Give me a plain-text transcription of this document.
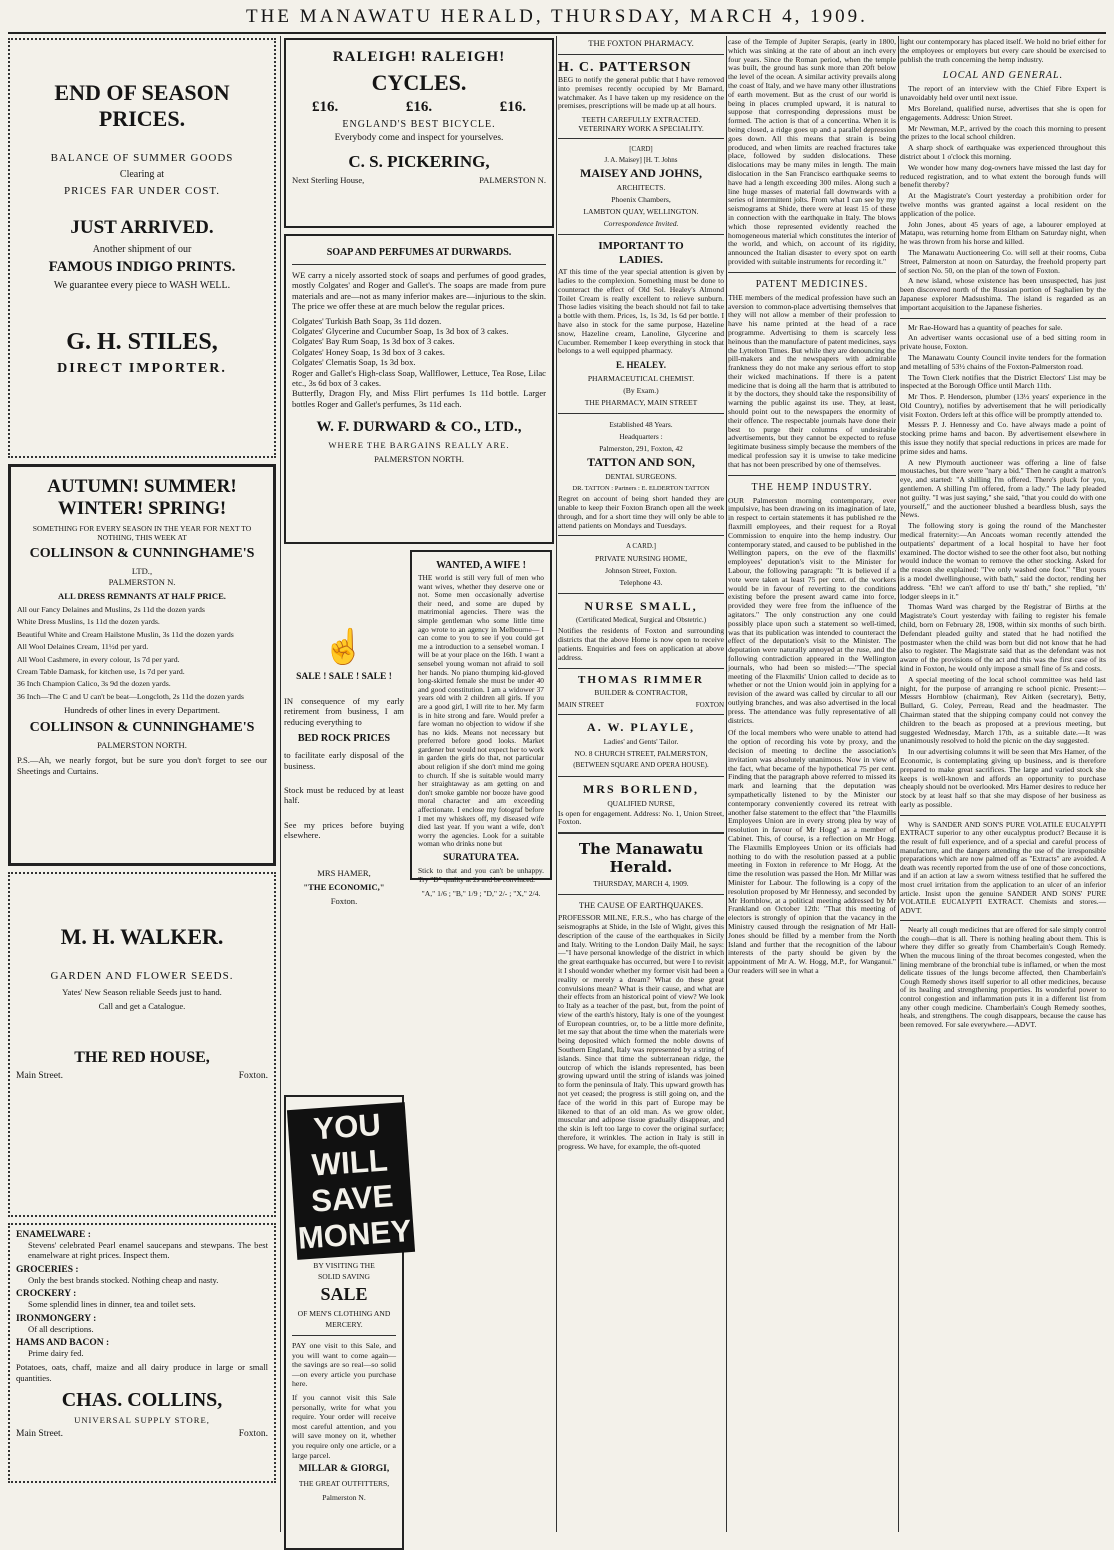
THE MANAWATU HERALD, THURSDAY, MARCH 4, 1909.
END OF SEASON PRICES.
BALANCE OF SUMMER GOODS
Clearing at
PRICES FAR UNDER COST.
JUST ARRIVED.
Another shipment of our
FAMOUS INDIGO PRINTS.
We guarantee every piece to WASH WELL.
G. H. STILES,
DIRECT IMPORTER.
AUTUMN! SUMMER!
WINTER! SPRING!
SOMETHING FOR EVERY SEASON IN THE YEAR FOR NEXT TO NOTHING, THIS WEEK AT
COLLINSON & CUNNINGHAME'S
LTD.,
PALMERSTON N.
ALL DRESS REMNANTS AT HALF PRICE.
All our Fancy Delaines and Muslins, 2s 11d the dozen yards
White Dress Muslins, 1s 11d the dozen yards.
Beautiful White and Cream Hailstone Muslin, 3s 11d the dozen yards
All Wool Delaines Cream, 11½d per yard.
All Wool Cashmere, in every colour, 1s 7d per yard.
Cream Table Damask, for kitchen use, 1s 7d per yard.
36 Inch Champion Calico, 3s 9d the dozen yards.
36 Inch—The C and U can't be beat—Longcloth, 2s 11d the dozen yards
Hundreds of other lines in every Department.
COLLINSON & CUNNINGHAME'S
PALMERSTON NORTH.
P.S.—Ah, we nearly forgot, but be sure you don't forget to see our Sheetings and Curtains.
M. H. WALKER.
GARDEN AND FLOWER SEEDS.
Yates' New Season reliable Seeds just to hand.
Call and get a Catalogue.
THE RED HOUSE,
Main Street.	Foxton.
ENAMELWARE :
Stevens' celebrated Pearl enamel saucepans and stewpans. The best enamelware at right prices. Inspect them.
GROCERIES :
Only the best brands stocked. Nothing cheap and nasty.
CROCKERY :
Some splendid lines in dinner, tea and toilet sets.
IRONMONGERY :
Of all descriptions.
HAMS AND BACON :
Prime dairy fed.
Potatoes, oats, chaff, maize and all dairy produce in large or small quantities.
CHAS. COLLINS,
UNIVERSAL SUPPLY STORE,
Main Street.	Foxton.
RALEIGH! RALEIGH!
CYCLES.
£16.	£16.	£16.
ENGLAND'S BEST BICYCLE.
Everybody come and inspect for yourselves.
C. S. PICKERING,
Next Sterling House,	PALMERSTON N.
SOAP AND PERFUMES AT DURWARDS.
WE carry a nicely assorted stock of soaps and perfumes of good grades, mostly Colgates' and Roger and Gallet's. The soaps are made from pure materials and are—not as many inferior makes are—injurious to the skin. The price we offer these at are much below the regular prices.
Colgates' Turkish Bath Soap, 3s 11d dozen.
Colgates' Glycerine and Cucumber Soap, 1s 3d box of 3 cakes.
Colgates' Bay Rum Soap, 1s 3d box of 3 cakes.
Colgates' Honey Soap, 1s 3d box of 3 cakes.
Colgates' Clematis Soap, 1s 3d box.
Roger and Gallet's High-class Soap, Wallflower, Lettuce, Tea Rose, Lilac etc., 3s 6d box of 3 cakes.
Butterfly, Dragon Fly, and Miss Flirt perfumes 1s 11d bottle. Larger bottles Roger and Gallet's perfumes, 3s 11d each.
W. F. DURWARD & CO., LTD.,
WHERE THE BARGAINS REALLY ARE.
PALMERSTON NORTH.
☝
SALE ! SALE ! SALE !
IN consequence of my early retirement from business, I am reducing everything to
BED ROCK PRICES
to facilitate early disposal of the business.
Stock must be reduced by at least half.
See my prices before buying elsewhere.
MRS HAMER,
"THE ECONOMIC,"
Foxton.
WANTED, A WIFE !
THE world is still very full of men who want wives, whether they deserve one or not. Some men occasionally advertise their need, and some are duped by matrimonial agencies. There was the simple gentleman who some little time ago wrote to an agency in Melbourne— I can come to you to see if you could get me a introduction to a sensebel woman. I will be at your place on the 16th. I want a sensebel young woman not afraid to soil her hands. No piano thumping kid-gloved long-skirted female she must be under 40 and good constitution. I am a widower 37 years old with 2 children all girls. If you are a good girl, I will rite to her. My farm is in hite strong and fare. Would prefer a fare woman no objection to widow if she has no kids. Means not necessary but preferred before good looks. Market gardener but would not expect her to work in garden the girls do that, not particular about religion if she don't mind me going to church. If she is suitable would marry her straightaway as am getting on and don't smoke gamble nor booze have good moral character and am exceeding affectionate. I enclose my fotograf before I met my whiskers off, my diseased wife died last year. If you want a wife, don't worry the agencies. Look for a suitable woman who drinks none but
SURATURA TEA.
Stick to that and you can't be unhappy. Try "D" quality at 2s and be convinced.
"A," 1/6 ; "B," 1/9 ; "D," 2/- ; "X," 2/4.
YOU WILL SAVE MONEY
BY VISITING THE
SOLID SAVING
SALE
OF MEN'S CLOTHING AND MERCERY.
PAY one visit to this Sale, and you will want to come again—the savings are so real—so solid—on every article you purchase here.
If you cannot visit this Sale personally, write for what you require. Your order will receive most careful attention, and you will save money on it, whether you require only one article, or a large parcel.
MILLAR & GIORGI,
THE GREAT OUTFITTERS,
Palmerston N.
THE FOXTON PHARMACY.
H. C. PATTERSON
BEG to notify the general public that I have removed into premises recently occupied by Mr Barnard, watchmaker. As I have taken up my residence on the premises, prescriptions will be made up at all hours.
TEETH CAREFULLY EXTRACTED. VETERINARY WORK A SPECIALITY.
[CARD]
J. A. Maisey] [H. T. Johns
MAISEY AND JOHNS,
ARCHITECTS.
Phoenix Chambers,
LAMBTON QUAY, WELLINGTON.
Correspondence Invited.
IMPORTANT TO
LADIES.
AT this time of the year special attention is given by ladies to the complexion. Something must be done to counteract the effect of Old Sol. Healey's Almond Toilet Cream is really excellent to relieve sunburn. Those ladies visiting the beach should not fail to take a bottle with them. Prices, 1s, 1s 3d, 1s 6d per bottle. I have also in stock for the same purpose, Hazeline snow, Hazeline cream, Lanoline, Glycerine and Cucumber. Remember I keep everything in stock that belongs to a well equipped pharmacy.
E. HEALEY.
PHARMACEUTICAL CHEMIST.
(By Exam.)
THE PHARMACY, MAIN STREET
Established 48 Years.
Headquarters :
Palmerston, 291, Foxton, 42
TATTON AND SON,
DENTAL SURGEONS.
DR. TATTON : Partners : E. ELDERTON TATTON
Regret on account of being short handed they are unable to keep their Foxton Branch open all the week through, and for a short time they will only be able to attend patients on Mondays and Tuesdays.
A CARD.]
PRIVATE NURSING HOME,
Johnson Street, Foxton.
Telephone 43.
NURSE SMALL,
(Certificated Medical, Surgical and Obstetric.)
Notifies the residents of Foxton and surrounding districts that the above Home is now open to receive patients. Enquiries and fees on application at above address.
THOMAS RIMMER
BUILDER & CONTRACTOR,
MAIN STREET	FOXTON
A. W. PLAYLE,
Ladies' and Gents' Tailor.
NO. 8 CHURCH STREET, PALMERSTON,
(BETWEEN SQUARE AND OPERA HOUSE).
MRS BORLEND,
QUALIFIED NURSE,
Is open for engagement. Address: No. 1, Union Street, Foxton.
The Manawatu Herald.
THURSDAY, MARCH 4, 1909.
THE CAUSE OF EARTHQUAKES.
PROFESSOR MILNE, F.R.S., who has charge of the seismographs at Shide, in the Isle of Wight, gives this description of the cause of the earthquakes in Sicily and Italy. Writing to the London Daily Mail, he says:—"I have personal knowledge of the district in which the great earthquake has occurred, but were I to revisit it I should wonder whether my former visit had been a reality or merely a dream? What do these great convulsions mean? What is their cause, and what are their effects from an historical point of view? We look to Italy as a teacher of the past, but, from the point of view of the earth's history, Italy is one of the youngest of European countries, or, to be a little more definite, let me say that about the time when the materials were being deposited which formed the noble downs of Southern England, Italy was represented by a string of islands. Since that time the subterranean ridge, the outcrop of which the islands represented, has been growing upward until the string of islands was joined to form the peninsula of Italy. This upward growth has not yet ceased; the progress is still going on, and the face of the world in this part of Europe may be likened to that of an old man. As we grow older, muscular and adipose tissue gradually disappear, and the skin is left too large to cover the original surface; therefore, it wrinkles. The action in Italy is still in progress. We have, for example, the oft-quoted
case of the Temple of Jupiter Serapis, (early in 1800, which was sinking at the rate of about an inch every four years. Since the Roman period, when the temple was built, the ground has sunk more than 20ft below the level of the ocean. A similar activity prevails along the coast of Italy, and we have many other illustrations of earth movement. But as the crust of our world is being in places crumpled upward, it is natural to suppose that corresponding depressions must be formed. The action is that of a concertina. When it is being closed, a ridge goes up and a parallel depression goes down. All this means that strain is being produced, and when limits are reached fractures take place, followed by sudden dislocations. These dislocations may be many miles in length. The main dislocation in the San Francisco earthquake seems to have had a length exceeding 300 miles. Along such a line huge masses of material fall downwards with a series of intermittent jolts. From what I can see by my seismograms at Shide, there were at least 15 of these in connection with the earthquake in Italy. The blows which those represented evidently reached the homogeneous material which constitutes the interior of the world, and which, on account of its rigidity, announced the Italian disaster to every spot on earth provided with suitable instruments for recording it."
PATENT MEDICINES.
THE members of the medical profession have such an aversion to common-place advertising themselves that they will not allow a member of their profession to have his name printed at the head of a race programme. Advertising to them is scarcely less heinous than the manufacture of patent medicines, says the Lyttelton Times. But while they are denouncing the pill-makers and the newspapers with admirable frankness they do not make any serious effort to stop their wicked machinations. If there is a patent medicine that is doing all the harm that is attributed to it by the doctors, they should take the responsibility of warning the public against its use. They, at least, should point out to the newspapers the enormity of their offence. The respectable journals have done their best to purge their columns of undesirable advertisements, but they cannot be expected to refuse legitimate business simply because the members of the medical profession say it is unwise to take medicine that has not been prescribed by one of themselves.
THE HEMP INDUSTRY.
OUR Palmerston morning contemporary, ever impulsive, has been drawing on its imagination of late, in respect to certain statements it has published re the flaxmill employees, and their request for a Royal Commission to enquire into the hemp industry. Our contemporary stated, and caused to be published in the Wellington papers, on the eve of the flaxmills' employees' deputation's visit to the Minister for Labour, the following paragraph: "It is believed if a vote were taken at least 75 per cent. of the workers would be in favour of reverting to the conditions existing before the present award came into force, provided they were free from the influence of the agitators." The only construction any one could possibly place upon such a statement so well-timed, was that its publication was intended to counteract the effect of the deputation's visit to the Minister. The deputation were naturally annoyed at the ruse, and the following contradiction appeared in the Wellington journals, who had been so misled:—"The special meeting of the Flaxmills' Union called to decide as to whether or not the Union would join in applying for a revision of the award was called by circular to all our outlying branches, and was also advertised in the local press. The attendance was fully representative of all districts.
Of the local members who were unable to attend had the option of recording his vote by proxy, and the decision of meeting to decline the association's invitation was absolutely unanimous. Now in view of the fact, what became of the hypothetical 75 per cent. Finding that the paragraph above referred to missed its mark and learning that the deputation was sympathetically listened to by the Minister our contemporary conveniently covered its retreat with another false statement to the effect that "the Flaxmills Employees Union are in every strong plea by way of resolution in favour of Mr Hogg" as a member of Cabinet. This, of course, is a reflection on Mr Hogg. The Flaxmills Employees Union or its officials had nothing to do with the resolution passed at a public meeting in Foxton in reference to Mr Hogg. At the time the resolution was passed the Hon. Mr Millar was Minister for Labour. The following is a copy of the resolution proposed by Mr Hennessy, and seconded by Mr Hornblow, at a political meeting addressed by Mr Frankland on October 12th: "That this meeting of electors is strongly of opinion that the vacancy in the Ministry caused through the resignation of Mr Hall-Jones should be filled by a member from the North Island and further that the recognition of the labour interests of the party should be given by the appointment of Mr A. W. Hogg, M.P., for Wanganui." Our readers will see in what a
light our contemporary has placed itself. We hold no brief either for the employees or employers but every care should be exercised to publish the truth concerning the hemp industry.
LOCAL AND GENERAL.
The report of an interview with the Chief Fibre Expert is unavoidably held over until next issue.
Mrs Boreland, qualified nurse, advertises that she is open for engagements. Address: Union Street.
Mr Newman, M.P., arrived by the coach this morning to present the prizes to the local school children.
A sharp shock of earthquake was experienced throughout this district about 1 o'clock this morning.
We wonder how many dog-owners have missed the last day for reduced registration, and to what extent the borough funds will benefit thereby?
At the Magistrate's Court yesterday a prohibition order for twelve months was granted against a local resident on the application of the police.
John Jones, about 45 years of age, a labourer employed at Matapu, was returning home from Eltham on Saturday night, when he was thrown from his horse and killed.
The Manawatu Auctioneering Co. will sell at their rooms, Cuba Street, Palmerston at noon on Saturday, the freehold property part of section No. 50, on the plan of the town of Foxton.
A new island, whose existence has been unsuspected, has just been discovered north of the Russian portion of Saghalien by the Japanese explorer Madsushima. The island is regarded as an important acquisition to the Japanese fisheries.
Mr Rae-Howard has a quantity of peaches for sale.
An advertiser wants occasional use of a bed sitting room in private house, Foxton.
The Manawatu County Council invite tenders for the formation and metalling of 53½ chains of the Foxton-Palmerston road.
The Town Clerk notifies that the District Electors' List may be inspected at the Borough Office until March 11th.
Mr Thos. P. Henderson, plumber (13½ years' experience in the Old Country), notifies by advertisement that he will periodically visit Foxton. Orders left at this office will be promptly attended to.
Messrs P. J. Hennessy and Co. have always made a point of stocking prime hams and bacon. By advertisement elsewhere in this issue they notify that special reductions in prices are made for prime sides and hams.
A new Plymouth auctioneer was offering a line of false moustaches, but there were "nary a bid." Then he caught a matron's eye, and started: "A shilling I'm offered. There's pluck for you, gentlemen. A shilling I'm offered, from a lady." The lady pleaded not guilty. "I was just saying," she said, "that you could do with one yourself," and the auctioneer blushed a beardless blush, says the News.
The following story is going the round of the Manchester medical fraternity:—An Ancoats woman recently attended the outpatients' department of a local hospital to have her foot examined. The doctor wished to see the other foot also, but nothing would induce the woman to remove the other stocking. Asked for the reason she explained: "I've only washed one foot." "But yours is a model dwellinghouse, with bath," said the doctor, rending her address. "Eh! we can't afford to use th' bath," she replied, "th' lodger sleeps in it."
Thomas Ward was charged by the Registrar of Births at the Magistrate's Court yesterday with failing to register his female child, born on February 28, 1908, within six months of such birth. Defendant pleaded guilty and stated that he had notified the postmaster when the child was born but did not know that he had also to register. The Magistrate said that as the defendant was not aware of the provisions of the act and this was the first case of its kind in Foxton, he would only impose a small fine of 5s and costs.
A special meeting of the local school committee was held last night, for the purpose of arranging re school picnic. Present:—Messrs Hornblow (chairman), Rev Aitken (secretary), Betty, Bullard, G. Coley, Perreau, Read and the headmaster. The Chairman stated that the shipping company could not convey the children to the beach as proposed at a previous meeting, but suggested Wednesday, March 17th, as a suitable date.—It was unanimously resolved to hold the picnic on the day suggested.
In our advertising columns it will be seen that Mrs Hamer, of the Economic, is contemplating giving up business, and is therefore prepared to make great sacrifices. The large and varied stock she keeps is well-known and affords an opportunity to purchase cheaply should not be overlooked. Mrs Hamer desires to reduce her stock by at least half so that she may dispose of her business as early as possible.
Why is SANDER AND SON'S PURE VOLATILE EUCALYPTI EXTRACT superior to any other eucalyptus product? Because it is the result of full experience, and of a special and careful process of manufacture, and the dangers attending the use of the irresponsible preparations which are now palmed off as "Extracts" are avoided. A death was recently reported from the use of one of those concoctions, and if an action at law a sworn witness testified that he suffered the most cruel irritation from the application to an ulcer of an inferior article. Insist upon the genuine SANDER AND SONS' PURE VOLATILE EUCALYPTI EXTRACT. Chemists and stores.—ADVT.
Nearly all cough medicines that are offered for sale simply control the cough—that is all. There is nothing healing about them. This is where they differ so greatly from Chamberlain's Cough Remedy. When the mucous lining of the throat becomes congested, when the lining membrane of the bronchial tube is inflamed, or when the most delicate tissues of the lungs become affected, then Chamberlain's Cough Remedy shows itself superior to all other medicines, because of its healing and strengthening properties. Its wonderful power to control congestion and inflammation puts it in a different list from any other cough medicine. Chamberlain's Cough Remedy soothes, heals, and strengthens. The cough disappears, because the cause has been removed. For sale everywhere.—ADVT.
